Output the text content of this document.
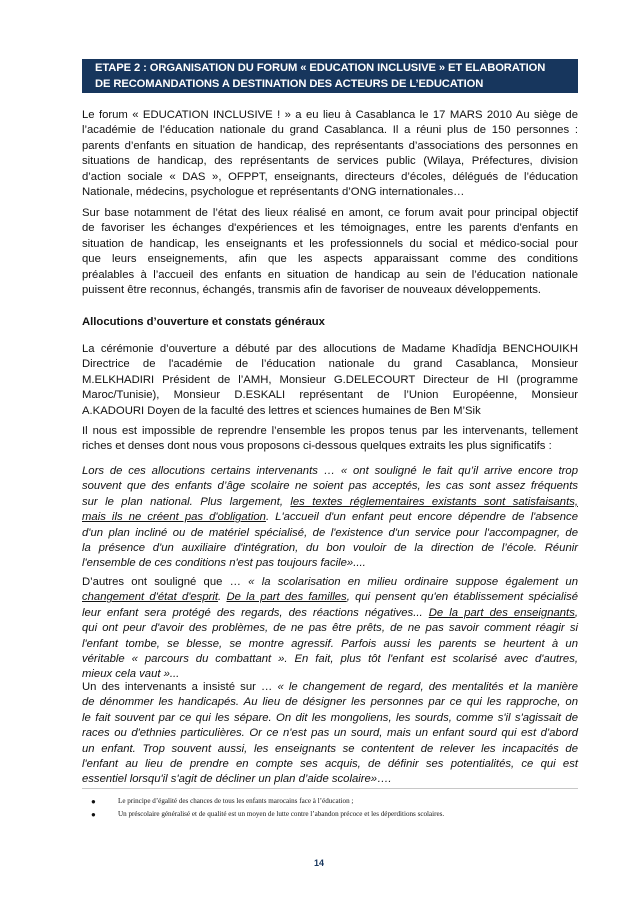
ETAPE 2 : ORGANISATION DU FORUM « EDUCATION INCLUSIVE » ET ELABORATION
DE RECOMANDATIONS A DESTINATION DES ACTEURS DE L’EDUCATION
Le forum « EDUCATION INCLUSIVE ! » a eu lieu à Casablanca le 17 MARS 2010 Au siège de
l’académie de l’éducation nationale du grand Casablanca. Il a réuni plus de 150 personnes :
parents d’enfants en situation de handicap, des représentants d’associations des personnes en
situations de handicap, des représentants de services public (Wilaya, Préfectures, division
d’action sociale « DAS », OFPPT, enseignants, directeurs d’écoles, délégués de l’éducation
Nationale, médecins, psychologue et représentants d’ONG internationales…
Sur base notamment de l’état des lieux réalisé en amont, ce forum avait pour principal objectif
de favoriser les échanges d'expériences et les témoignages, entre les parents d'enfants en
situation de handicap, les enseignants et les professionnels du social et médico-social pour
que leurs enseignements, afin que les aspects apparaissant comme des conditions
préalables à l’accueil des enfants en situation de handicap au sein de l’éducation nationale
puissent être reconnus, échangés, transmis afin de favoriser de nouveaux développements.
Allocutions d’ouverture et constats généraux
La cérémonie d’ouverture a débuté par des allocutions de Madame Khadîdja BENCHOUIKH
Directrice de l'académie de l’éducation nationale du grand Casablanca, Monsieur
M.ELKHADIRI Président de l’AMH, Monsieur G.DELECOURT Directeur de HI (programme
Maroc/Tunisie), Monsieur D.ESKALI représentant de l’Union Européenne, Monsieur
A.KADOURI Doyen de la faculté des lettres et sciences humaines de Ben M’Sik
Il nous est impossible de reprendre l’ensemble les propos tenus par les intervenants, tellement
riches et denses dont nous vous proposons ci-dessous quelques extraits les plus significatifs :
Lors de ces allocutions certains intervenants … « ont souligné le fait qu’il arrive encore trop
souvent que des enfants d’âge scolaire ne soient pas acceptés, les cas sont assez fréquents
sur le plan national. Plus largement, les textes réglementaires existants sont satisfaisants,
mais ils ne créent pas d'obligation. L'accueil d'un enfant peut encore dépendre de l'absence
d'un plan incliné ou de matériel spécialisé, de l'existence d'un service pour l'accompagner, de
la présence d'un auxiliaire d'intégration, du bon vouloir de la direction de l’école. Réunir
l'ensemble de ces conditions n'est pas toujours facile»....
D’autres ont souligné que … « la scolarisation en milieu ordinaire suppose également un
changement d'état d'esprit. De la part des familles, qui pensent qu'en établissement spécialisé
leur enfant sera protégé des regards, des réactions négatives... De la part des enseignants,
qui ont peur d'avoir des problèmes, de ne pas être prêts, de ne pas savoir comment réagir si
l'enfant tombe, se blesse, se montre agressif. Parfois aussi les parents se heurtent à un
véritable « parcours du combattant ». En fait, plus tôt l'enfant est scolarisé avec d'autres,
mieux cela vaut »...
Un des intervenants a insisté sur … « le changement de regard, des mentalités et la manière
de dénommer les handicapés. Au lieu de désigner les personnes par ce qui les rapproche, on
le fait souvent par ce qui les sépare. On dit les mongoliens, les sourds, comme s'il s'agissait de
races ou d'ethnies particulières. Or ce n'est pas un sourd, mais un enfant sourd qui est d'abord
un enfant. Trop souvent aussi, les enseignants se contentent de relever les incapacités de
l'enfant au lieu de prendre en compte ses acquis, de définir ses potentialités, ce qui est
essentiel lorsqu'il s'agit de décliner un plan d’aide scolaire»….
●	Le principe d’égalité des chances de tous les enfants marocains face à l’éducation ;
●	Un préscolaire généralisé et de qualité est un moyen de lutte contre l’abandon précoce et les déperditions scolaires.
14
